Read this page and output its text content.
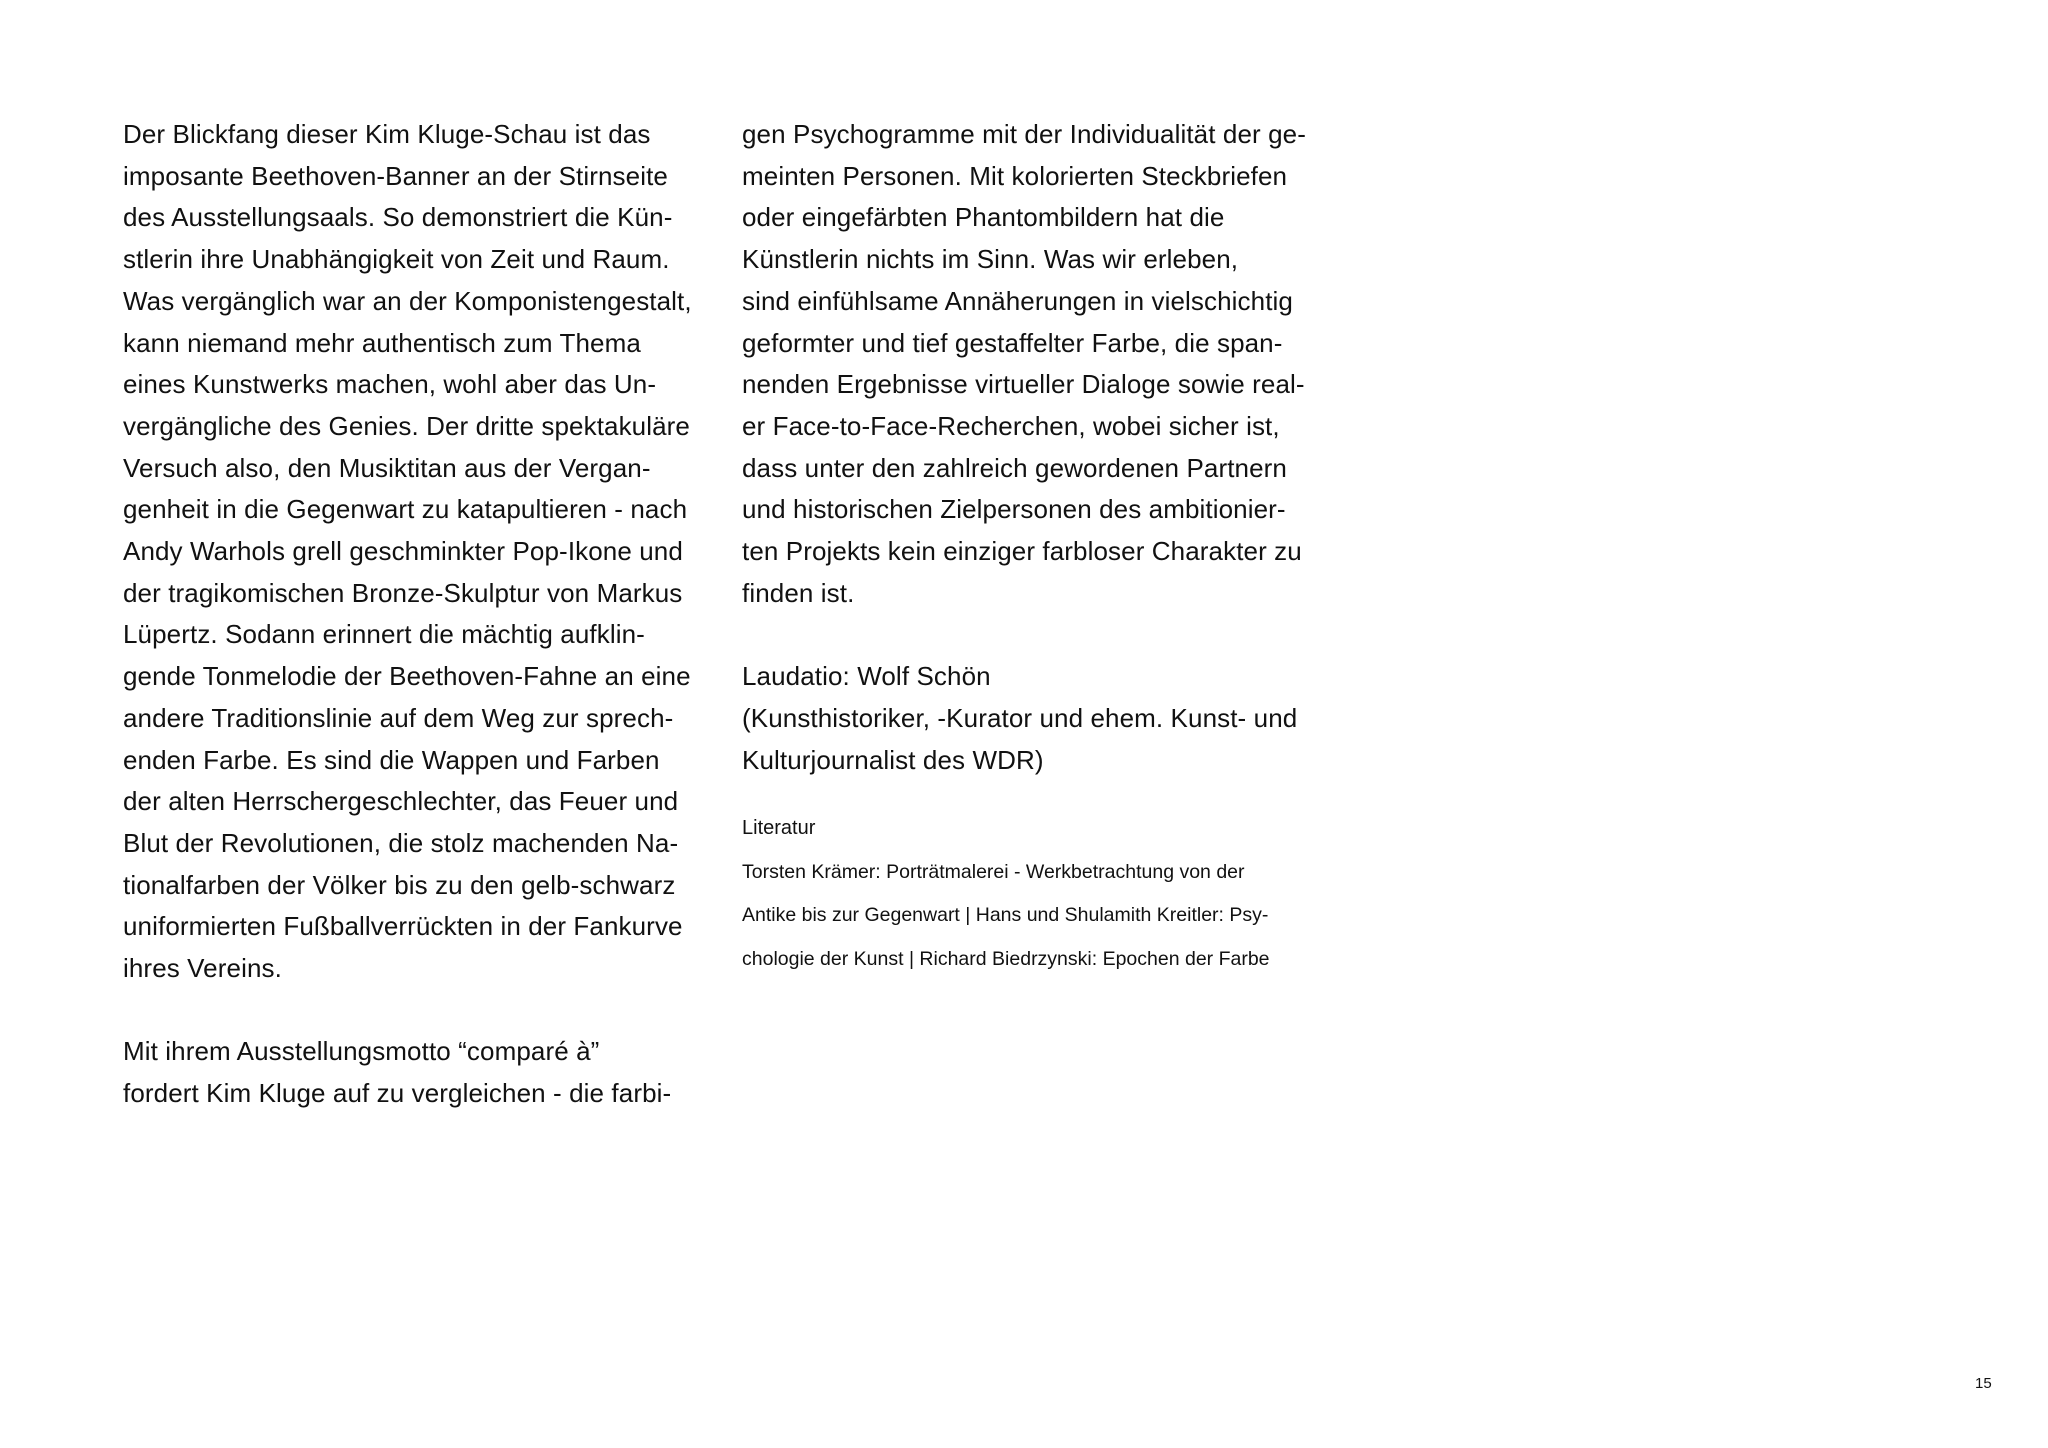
Der Blickfang dieser Kim Kluge-Schau ist das
imposante Beethoven-Banner an der Stirnseite
des Ausstellungsaals. So demonstriert die Kün-
stlerin ihre Unabhängigkeit von Zeit und Raum.
Was vergänglich war an der Komponistengestalt,
kann niemand mehr authentisch zum Thema
eines Kunstwerks machen, wohl aber das Un-
vergängliche des Genies. Der dritte spektakuläre
Versuch also, den Musiktitan aus der Vergan-
genheit in die Gegenwart zu katapultieren - nach
Andy Warhols grell geschminkter Pop-Ikone und
der tragikomischen Bronze-Skulptur von Markus
Lüpertz. Sodann erinnert die mächtig aufklin-
gende Tonmelodie der Beethoven-Fahne an eine
andere Traditionslinie auf dem Weg zur sprech-
enden Farbe. Es sind die Wappen und Farben
der alten Herrschergeschlechter, das Feuer und
Blut der Revolutionen, die stolz machenden Na-
tionalfarben der Völker bis zu den gelb-schwarz
uniformierten Fußballverrückten in der Fankurve
ihres Vereins.
Mit ihrem Ausstellungsmotto “comparé à”
fordert Kim Kluge auf zu vergleichen - die farbi-
gen Psychogramme mit der Individualität der ge-
meinten Personen. Mit kolorierten Steckbriefen
oder eingefärbten Phantombildern hat die
Künstlerin nichts im Sinn. Was wir erleben,
sind einfühlsame Annäherungen in vielschichtig
geformter und tief gestaffelter Farbe, die span-
nenden Ergebnisse virtueller Dialoge sowie real-
er Face-to-Face-Recherchen, wobei sicher ist,
dass unter den zahlreich gewordenen Partnern
und historischen Zielpersonen des ambitionier-
ten Projekts kein einziger farbloser Charakter zu
finden ist.
Laudatio: Wolf Schön
(Kunsthistoriker, -Kurator und ehem. Kunst- und
Kulturjournalist des WDR)
Literatur
Torsten Krämer: Porträtmalerei - Werkbetrachtung von der
Antike bis zur Gegenwart | Hans und Shulamith Kreitler: Psy-
chologie der Kunst | Richard Biedrzynski: Epochen der Farbe
15
